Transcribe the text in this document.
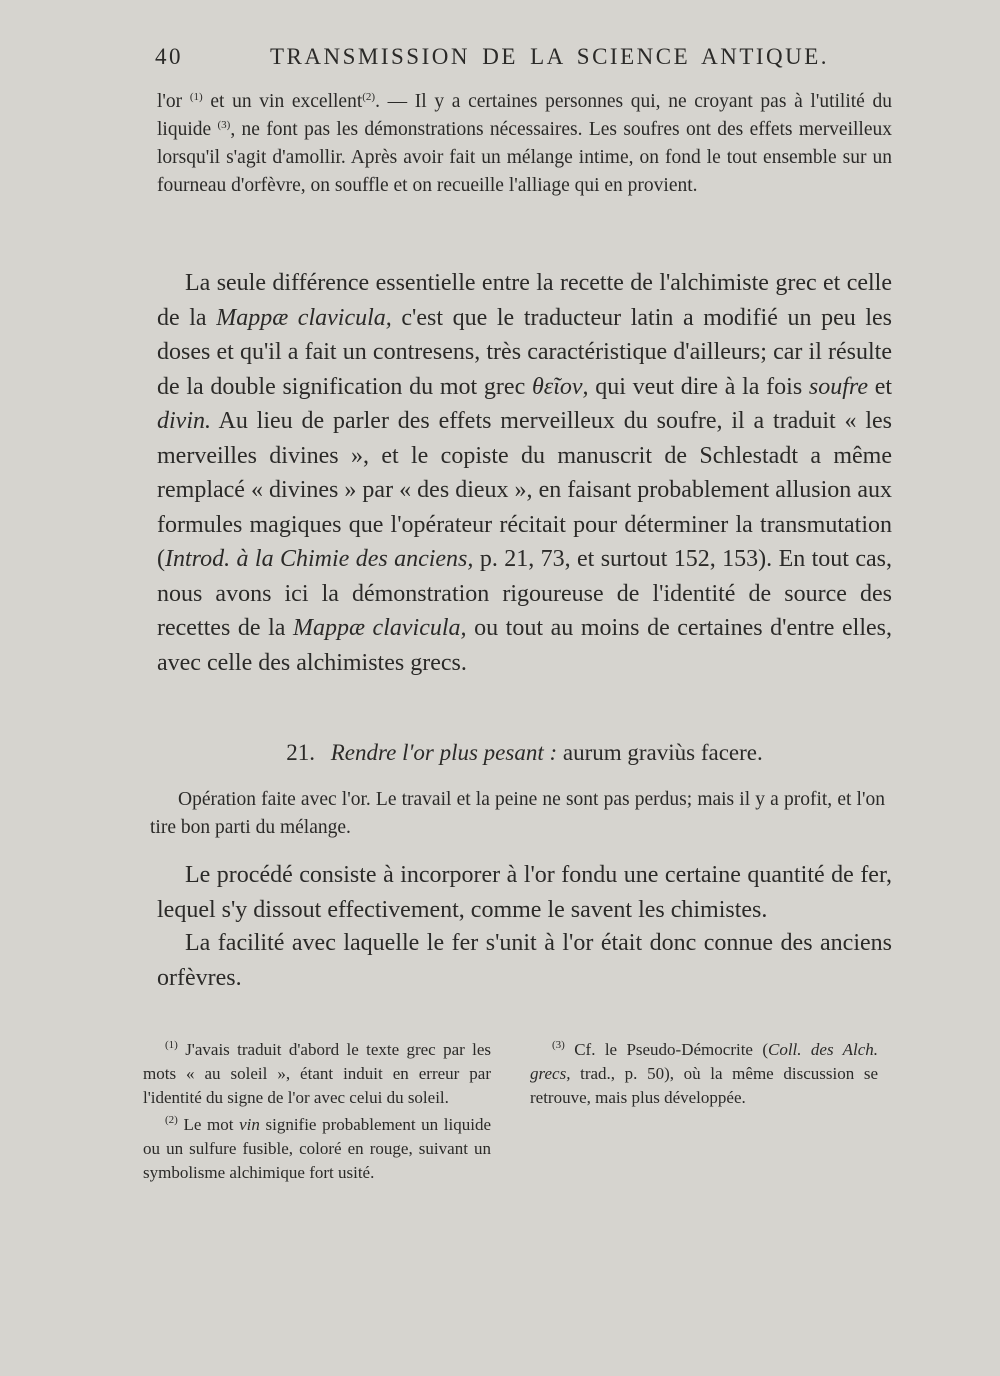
40	TRANSMISSION DE LA SCIENCE ANTIQUE.

l'or $^{(1)}$ et un vin excellent$^{(2)}$. — Il y a certaines personnes qui, ne croyant pas à l'utilité du liquide $^{(3)}$, ne font pas les démonstrations nécessaires. Les soufres ont des effets merveilleux lorsqu'il s'agit d'amollir. Après avoir fait un mélange intime, on fond le tout ensemble sur un fourneau d'orfèvre, on souffle et on recueille l'alliage qui en provient.

La seule différence essentielle entre la recette de l'alchimiste grec et celle de la Mappæ clavicula, c'est que le traducteur latin a modifié un peu les doses et qu'il a fait un contresens, très caractéristique d'ailleurs; car il résulte de la double signification du mot grec θεῖον, qui veut dire à la fois soufre et divin. Au lieu de parler des effets merveilleux du soufre, il a traduit « les merveilles divines », et le copiste du manuscrit de Schlestadt a même remplacé « divines » par « des dieux », en faisant probablement allusion aux formules magiques que l'opérateur récitait pour déterminer la transmutation (Introd. à la Chimie des anciens, p. 21, 73, et surtout 152, 153). En tout cas, nous avons ici la démonstration rigoureuse de l'identité de source des recettes de la Mappæ clavicula, ou tout au moins de certaines d'entre elles, avec celle des alchimistes grecs.

21. Rendre l'or plus pesant : aurum graviùs facere.

Opération faite avec l'or. Le travail et la peine ne sont pas perdus; mais il y a profit, et l'on tire bon parti du mélange.

Le procédé consiste à incorporer à l'or fondu une certaine quantité de fer, lequel s'y dissout effectivement, comme le savent les chimistes.

La facilité avec laquelle le fer s'unit à l'or était donc connue des anciens orfèvres.

$^{(1)}$ J'avais traduit d'abord le texte grec par les mots « au soleil », étant induit en erreur par l'identité du signe de l'or avec celui du soleil.

$^{(2)}$ Le mot vin signifie probablement un liquide ou un sulfure fusible, coloré en rouge, suivant un symbolisme alchimique fort usité.

$^{(3)}$ Cf. le Pseudo-Démocrite (Coll. des Alch. grecs, trad., p. 50), où la même discussion se retrouve, mais plus développée.
